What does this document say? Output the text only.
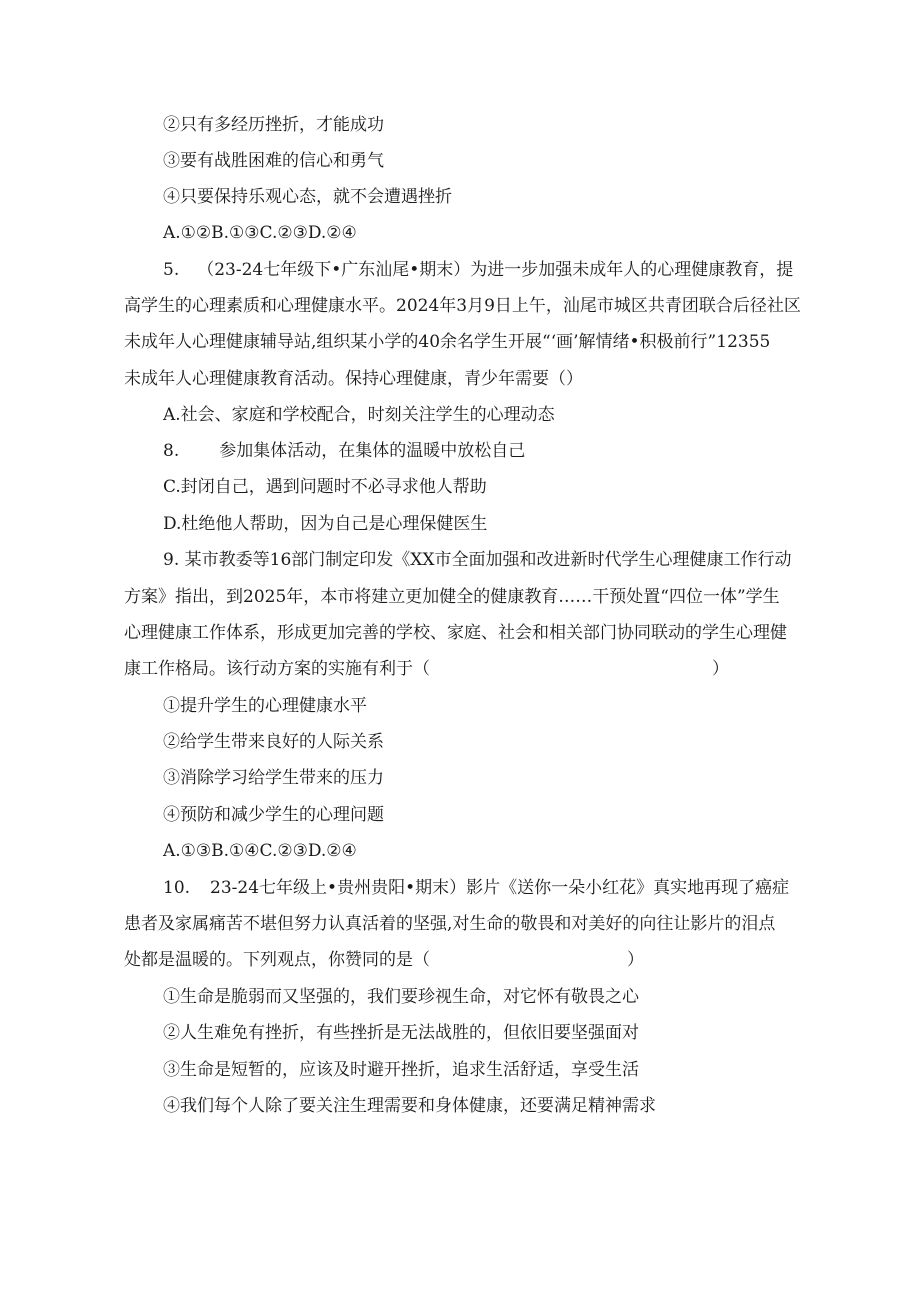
②只有多经历挫折，才能成功
③要有战胜困难的信心和勇气
④只要保持乐观心态，就不会遭遇挫折
A.①②B.①③C.②③D.②④
5. （23-24七年级下•广东汕尾•期末）为进一步加强未成年人的心理健康教育，提
高学生的心理素质和心理健康水平。2024年3月9日上午，汕尾市城区共青团联合后径社区
未成年人心理健康辅导站,组织某小学的40余名学生开展“‘画’解情绪•积极前行”12355
未成年人心理健康教育活动。保持心理健康，青少年需要（）
A.社会、家庭和学校配合，时刻关注学生的心理动态
8. 参加集体活动，在集体的温暖中放松自己
C.封闭自己，遇到问题时不必寻求他人帮助
D.杜绝他人帮助，因为自己是心理保健医生
9. 某市教委等16部门制定印发《XX市全面加强和改进新时代学生心理健康工作行动
方案》指出，到2025年，本市将建立更加健全的健康教育……干预处置“四位一体”学生
心理健康工作体系，形成更加完善的学校、家庭、社会和相关部门协同联动的学生心理健
康工作格局。该行动方案的实施有利于（	）
①提升学生的心理健康水平
②给学生带来良好的人际关系
③消除学习给学生带来的压力
④预防和减少学生的心理问题
A.①③B.①④C.②③D.②④
10. 23-24七年级上•贵州贵阳•期末）影片《送你一朵小红花》真实地再现了癌症
患者及家属痛苦不堪但努力认真活着的坚强,对生命的敬畏和对美好的向往让影片的泪点
处都是温暖的。下列观点，你赞同的是（	）
①生命是脆弱而又坚强的，我们要珍视生命，对它怀有敬畏之心
②人生难免有挫折，有些挫折是无法战胜的，但依旧要坚强面对
③生命是短暂的，应该及时避开挫折，追求生活舒适，享受生活
④我们每个人除了要关注生理需要和身体健康，还要满足精神需求
